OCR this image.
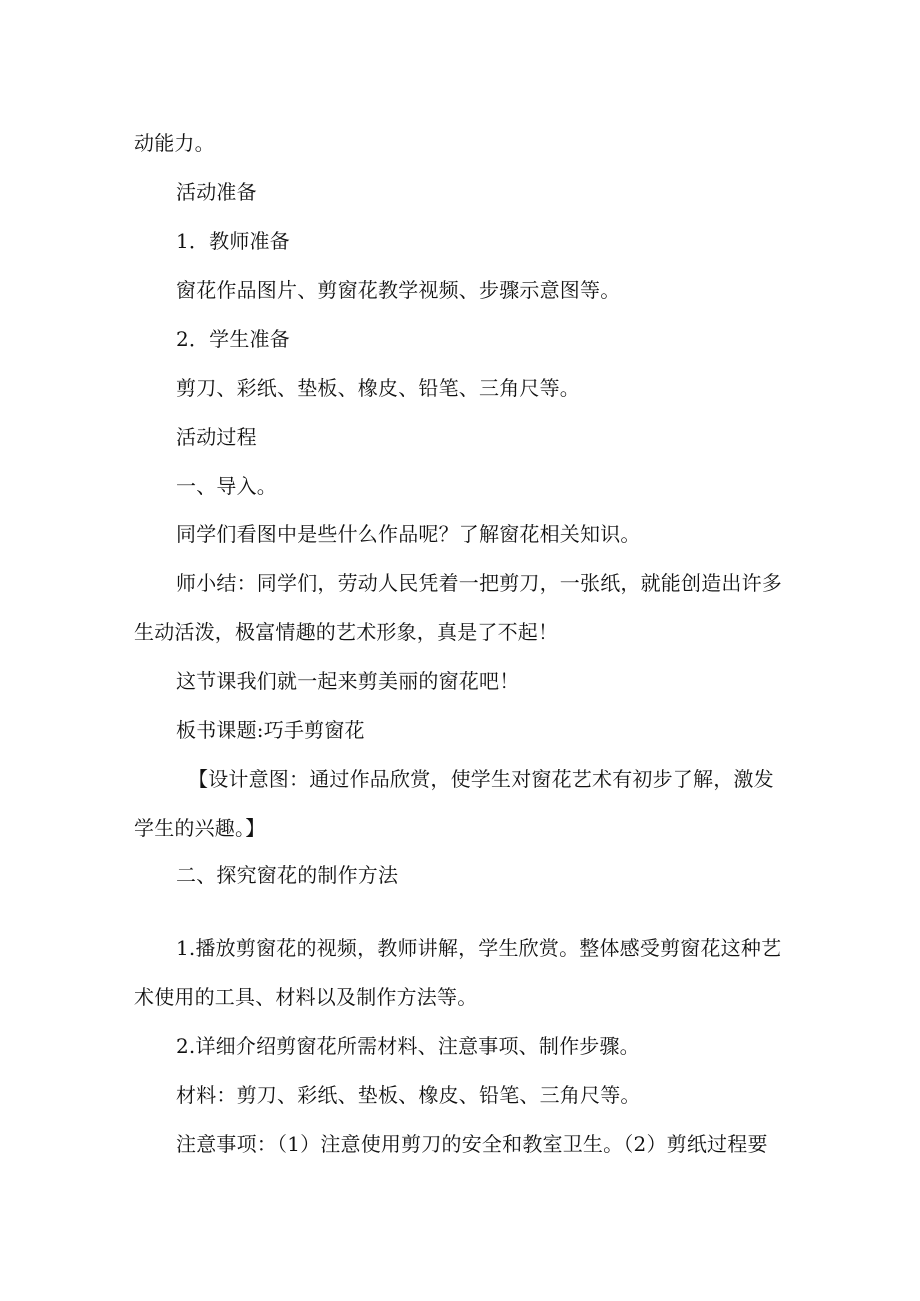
动能力。
活动准备
1．教师准备
窗花作品图片、剪窗花教学视频、步骤示意图等。
2．学生准备
剪刀、彩纸、垫板、橡皮、铅笔、三角尺等。
活动过程
一、导入。
同学们看图中是些什么作品呢？了解窗花相关知识。
师小结：同学们，劳动人民凭着一把剪刀，一张纸，就能创造出许多
生动活泼，极富情趣的艺术形象，真是了不起！
这节课我们就一起来剪美丽的窗花吧！
板书课题:巧手剪窗花
【设计意图：通过作品欣赏，使学生对窗花艺术有初步了解，激发
学生的兴趣。】
二、探究窗花的制作方法
1.播放剪窗花的视频，教师讲解，学生欣赏。整体感受剪窗花这种艺
术使用的工具、材料以及制作方法等。
2.详细介绍剪窗花所需材料、注意事项、制作步骤。
材料：剪刀、彩纸、垫板、橡皮、铅笔、三角尺等。
注意事项：（1）注意使用剪刀的安全和教室卫生。（2）剪纸过程要
